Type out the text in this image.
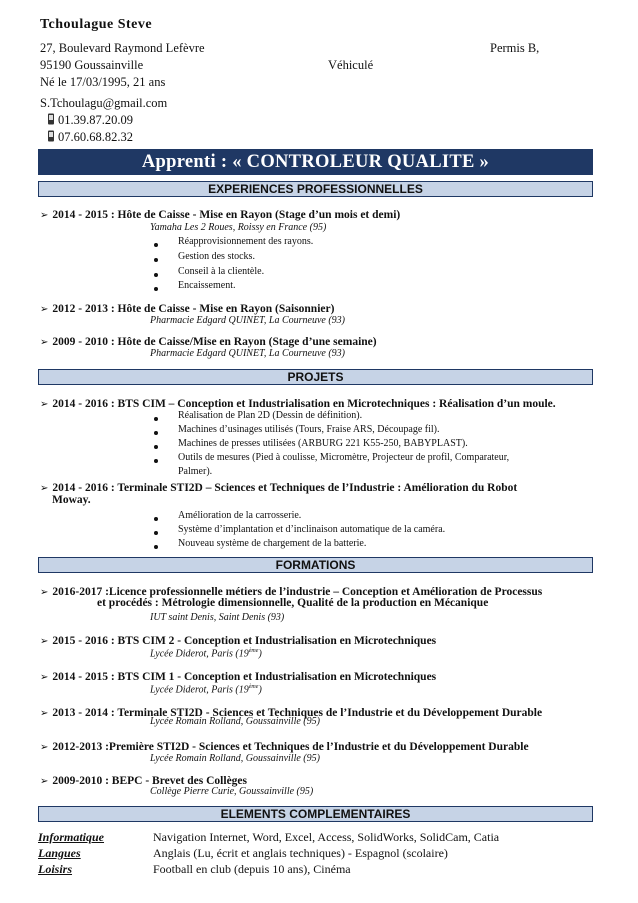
Tchoulague Steve
27, Boulevard Raymond Lefèvre
95190 Goussainville
Né le 17/03/1995, 21 ans
Permis B,
Véhiculé
S.Tchoulagu@gmail.com
01.39.87.20.09
07.60.68.82.32
Apprenti : « CONTROLEUR QUALITE »
EXPERIENCES PROFESSIONNELLES
➢ 2014 - 2015 : Hôte de Caisse - Mise en Rayon (Stage d’un mois et demi)
Yamaha Les 2 Roues, Roissy en France (95)
Réapprovisionnement des rayons.
Gestion des stocks.
Conseil à la clientèle.
Encaissement.
➢ 2012 - 2013 : Hôte de Caisse - Mise en Rayon (Saisonnier)
Pharmacie Edgard QUINET, La Courneuve (93)
➢ 2009 - 2010 : Hôte de Caisse/Mise en Rayon (Stage d’une semaine)
Pharmacie Edgard QUINET, La Courneuve (93)
PROJETS
➢ 2014 - 2016 : BTS CIM – Conception et Industrialisation en Microtechniques : Réalisation d’un moule.
Réalisation de Plan 2D (Dessin de définition).
Machines d’usinages utilisés (Tours, Fraise ARS, Découpage fil).
Machines de presses utilisées (ARBURG 221 K55-250, BABYPLAST).
Outils de mesures (Pied à coulisse, Micromètre, Projecteur de profil, Comparateur,
Palmer).
➢ 2014 - 2016 : Terminale STI2D – Sciences et Techniques de l’Industrie : Amélioration du Robot
Moway.
Amélioration de la carrosserie.
Système d’implantation et d’inclinaison automatique de la caméra.
Nouveau système de chargement de la batterie.
FORMATIONS
➢ 2016-2017 :Licence professionnelle métiers de l’industrie – Conception et Amélioration de Processus
et procédés : Métrologie dimensionnelle, Qualité de la production en Mécanique
IUT saint Denis, Saint Denis (93)
➢ 2015 - 2016 : BTS CIM 2 - Conception et Industrialisation en Microtechniques
Lycée Diderot, Paris (19ème)
➢ 2014 - 2015 : BTS CIM 1 - Conception et Industrialisation en Microtechniques
Lycée Diderot, Paris (19ème)
➢ 2013 - 2014 : Terminale STI2D - Sciences et Techniques de l’Industrie et du Développement Durable
Lycée Romain Rolland, Goussainville (95)
➢ 2012-2013 :Première STI2D - Sciences et Techniques de l’Industrie et du Développement Durable
Lycée Romain Rolland, Goussainville (95)
➢ 2009-2010 : BEPC - Brevet des Collèges
Collège Pierre Curie, Goussainville (95)
ELEMENTS COMPLEMENTAIRES
Informatique	Navigation Internet, Word, Excel, Access, SolidWorks, SolidCam, Catia
Langues	Anglais (Lu, écrit et anglais techniques) - Espagnol (scolaire)
Loisirs	Football en club (depuis 10 ans), Cinéma
